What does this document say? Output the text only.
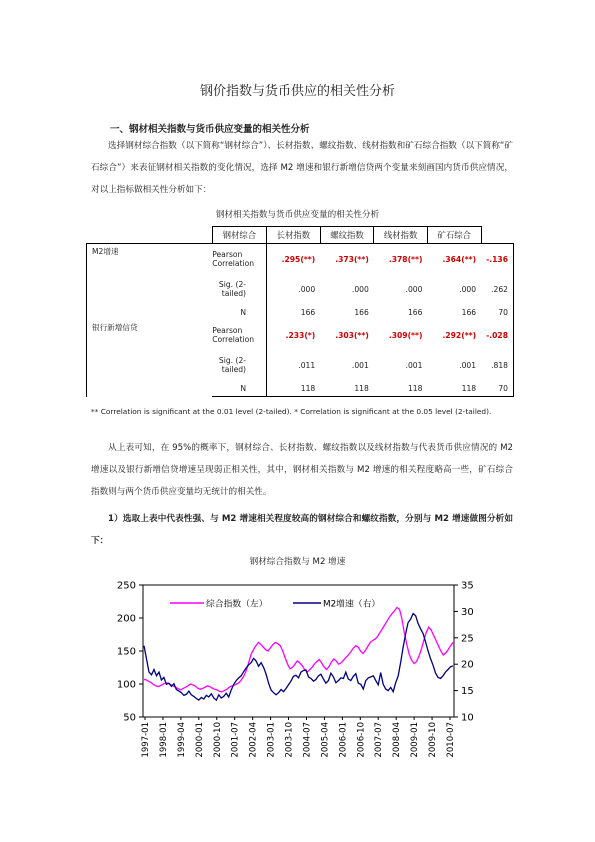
钢价指数与货币供应的相关性分析
一、钢材相关指数与货币供应变量的相关性分析

选择钢材综合指数（以下简称“钢材综合”）、长材指数、螺纹指数、线材指数和矿石综合指数（以下简称“矿石综合”）来表征钢材相关指数的变化情况，选择 M2 增速和银行新增信贷两个变量来刻画国内货币供应情况，对以上指标做相关性分析如下：

钢材相关指数与货币供应变量的相关性分析
	钢材综合	长材指数	螺纹指数	线材指数	矿石综合	
M2增速	Pearson Correlation	.295(**)	.373(**)	.378(**)	.364(**)	-.136
	Sig. (2-tailed)	.000	.000	.000	.000	.262
	N	166	166	166	166	70
银行新增信贷	Pearson Correlation	.233(*)	.303(**)	.309(**)	.292(**)	-.028
	Sig. (2-tailed)	.011	.001	.001	.001	.818
	N	118	118	118	118	70

** Correlation is significant at the 0.01 level (2-tailed). * Correlation is significant at the 0.05 level (2-tailed).

从上表可知，在 95%的概率下，钢材综合、长材指数、螺纹指数以及线材指数与代表货币供应情况的 M2 增速以及银行新增信贷增速呈现弱正相关性，其中，钢材相关指数与 M2 增速的相关程度略高一些，矿石综合指数则与两个货币供应变量均无统计的相关性。

1）选取上表中代表性强、与 M2 增速相关程度较高的钢材综合和螺纹指数，分别与 M2 增速做图分析如下：

钢材综合指数与 M2 增速
50
100
150
200
250
10
15
20
25
30
35
1997-01 1998-01 1999-04 2000-01 2000-10 2001-07 2002-04 2003-01 2003-10 2004-07 2005-04 2006-01 2006-10 2007-07 2008-04 2009-01 2009-10 2010-07
综合指数（左）	M2增速（右）
